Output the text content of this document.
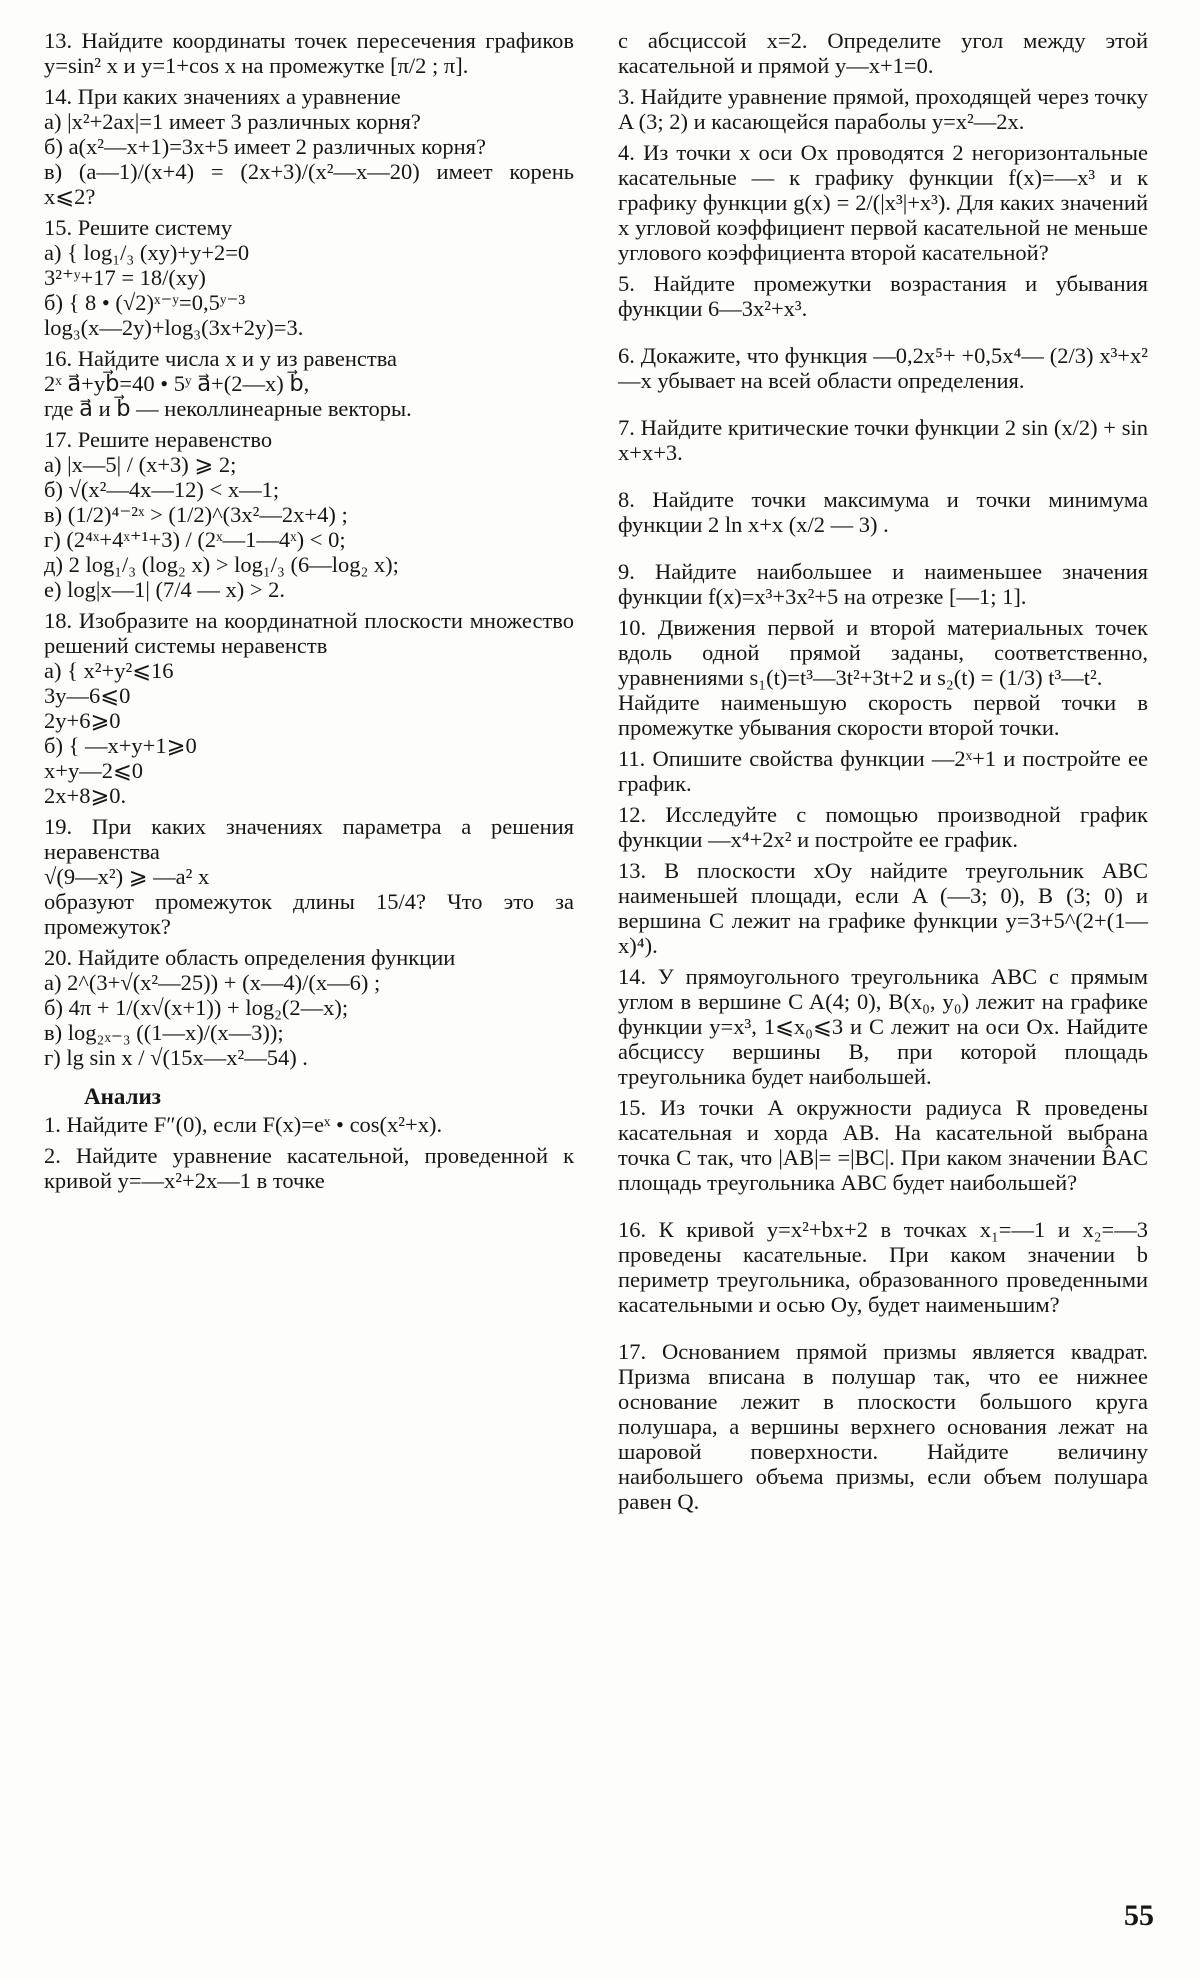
13. Найдите координаты точек пересечения графиков y=sin² x и y=1+cos x на промежутке [π/2 ; π].

14. При каких значениях a уравнение
а) |x²+2ax|=1 имеет 3 различных корня?
б) a(x²—x+1)=3x+5 имеет 2 различных корня?
в) (a—1)/(x+4) = (2x+3)/(x²—x—20) имеет корень x⩽2?

15. Решите систему
а) { log₁/₃ (xy)+y+2=0
3²⁺ʸ+17 = 18/(xy)
б) { 8 • (√2)ˣ⁻ʸ=0,5ʸ⁻³
log₃(x—2y)+log₃(3x+2y)=3.

16. Найдите числа x и y из равенства
2ˣ a⃗+yb⃗=40 • 5ʸ a⃗+(2—x) b⃗,
где a⃗ и b⃗ — неколлинеарные векторы.

17. Решите неравенство
а) |x—5| / (x+3) ⩾ 2;
б) √(x²—4x—12) < x—1;
в) (1/2)⁴⁻²ˣ > (1/2)^(3x²—2x+4) ;
г) (2⁴ˣ+4ˣ⁺¹+3) / (2ˣ—1—4ˣ) < 0;
д) 2 log₁/₃ (log₂ x) > log₁/₃ (6—log₂ x);
е) log|x—1| (7/4 — x) > 2.

18. Изобразите на координатной плоскости множество решений системы неравенств
а) { x²+y²⩽16
3y—6⩽0
2y+6⩾0
б) { —x+y+1⩾0
x+y—2⩽0
2x+8⩾0.

19. При каких значениях параметра a решения неравенства
√(9—x²) ⩾ —a² x
образуют промежуток длины 15/4? Что это за промежуток?

20. Найдите область определения функции
а) 2^(3+√(x²—25)) + (x—4)/(x—6) ;
б) 4π + 1/(x√(x+1)) + log₂(2—x);
в) log₂ₓ₋₃ ((1—x)/(x—3));
г) lg sin x / √(15x—x²—54) .

Анализ

1. Найдите F″(0), если F(x)=eˣ • cos(x²+x).

2. Найдите уравнение касательной, проведенной к кривой y=—x²+2x—1 в точке

с абсциссой x=2. Определите угол между этой касательной и прямой y—x+1=0.

3. Найдите уравнение прямой, проходящей через точку A (3; 2) и касающейся параболы y=x²—2x.

4. Из точки x оси Ox проводятся 2 негоризонтальные касательные — к графику функции f(x)=—x³ и к графику функции g(x) = 2/(|x³|+x³). Для каких значений x угловой коэффициент первой касательной не меньше углового коэффициента второй касательной?

5. Найдите промежутки возрастания и убывания функции 6—3x²+x³.

6. Докажите, что функция —0,2x⁵+ +0,5x⁴— (2/3) x³+x²—x убывает на всей области определения.

7. Найдите критические точки функции 2 sin (x/2) + sin x+x+3.

8. Найдите точки максимума и точки минимума функции 2 ln x+x (x/2 — 3) .

9. Найдите наибольшее и наименьшее значения функции f(x)=x³+3x²+5 на отрезке [—1; 1].

10. Движения первой и второй материальных точек вдоль одной прямой заданы, соответственно, уравнениями s₁(t)=t³—3t²+3t+2 и s₂(t) = (1/3) t³—t².
Найдите наименьшую скорость первой точки в промежутке убывания скорости второй точки.

11. Опишите свойства функции —2ˣ+1 и постройте ее график.

12. Исследуйте с помощью производной график функции —x⁴+2x² и постройте ее график.

13. В плоскости xOy найдите треугольник ABC наименьшей площади, если A (—3; 0), B (3; 0) и вершина C лежит на графике функции y=3+5^(2+(1—x)⁴).

14. У прямоугольного треугольника ABC с прямым углом в вершине C A(4; 0), B(x₀, y₀) лежит на графике функции y=x³, 1⩽x₀⩽3 и C лежит на оси Ox. Найдите абсциссу вершины B, при которой площадь треугольника будет наибольшей.

15. Из точки A окружности радиуса R проведены касательная и хорда AB. На касательной выбрана точка C так, что |AB|= =|BC|. При каком значении B̂AC площадь треугольника ABC будет наибольшей?

16. К кривой y=x²+bx+2 в точках x₁=—1 и x₂=—3 проведены касательные. При каком значении b периметр треугольника, образованного проведенными касательными и осью Oy, будет наименьшим?

17. Основанием прямой призмы является квадрат. Призма вписана в полушар так, что ее нижнее основание лежит в плоскости большого круга полушара, а вершины верхнего основания лежат на шаровой поверхности. Найдите величину наибольшего объема призмы, если объем полушара равен Q.

55
